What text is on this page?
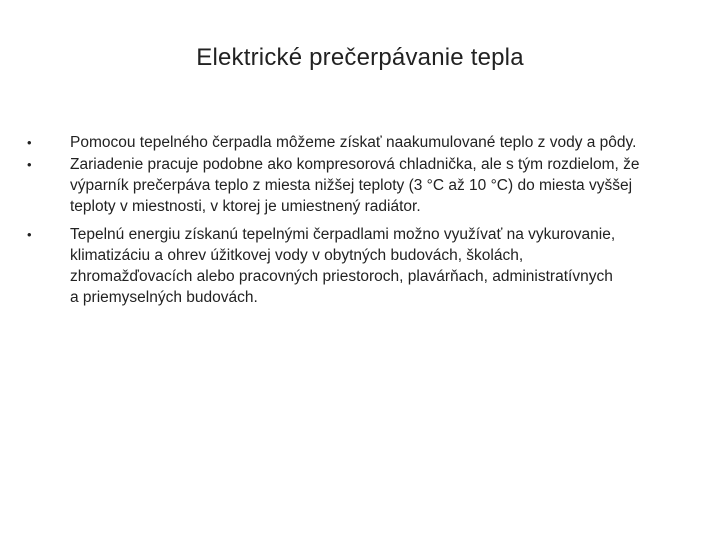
Elektrické prečerpávanie tepla
•	Pomocou tepelného čerpadla môžeme získať naakumulované teplo z vody a pôdy.
•	Zariadenie pracuje podobne ako kompresorová chladnička, ale s tým rozdielom, že
výparník prečerpáva teplo z miesta nižšej teploty (3 °C až 10 °C) do miesta vyššej
teploty v miestnosti, v ktorej je umiestnený radiátor.
•	Tepelnú energiu získanú tepelnými čerpadlami možno využívať na vykurovanie,
klimatizáciu a ohrev úžitkovej vody v obytných budovách, školách,
zhromažďovacích alebo pracovných priestoroch, plavárňach, administratívnych
a priemyselných budovách.
